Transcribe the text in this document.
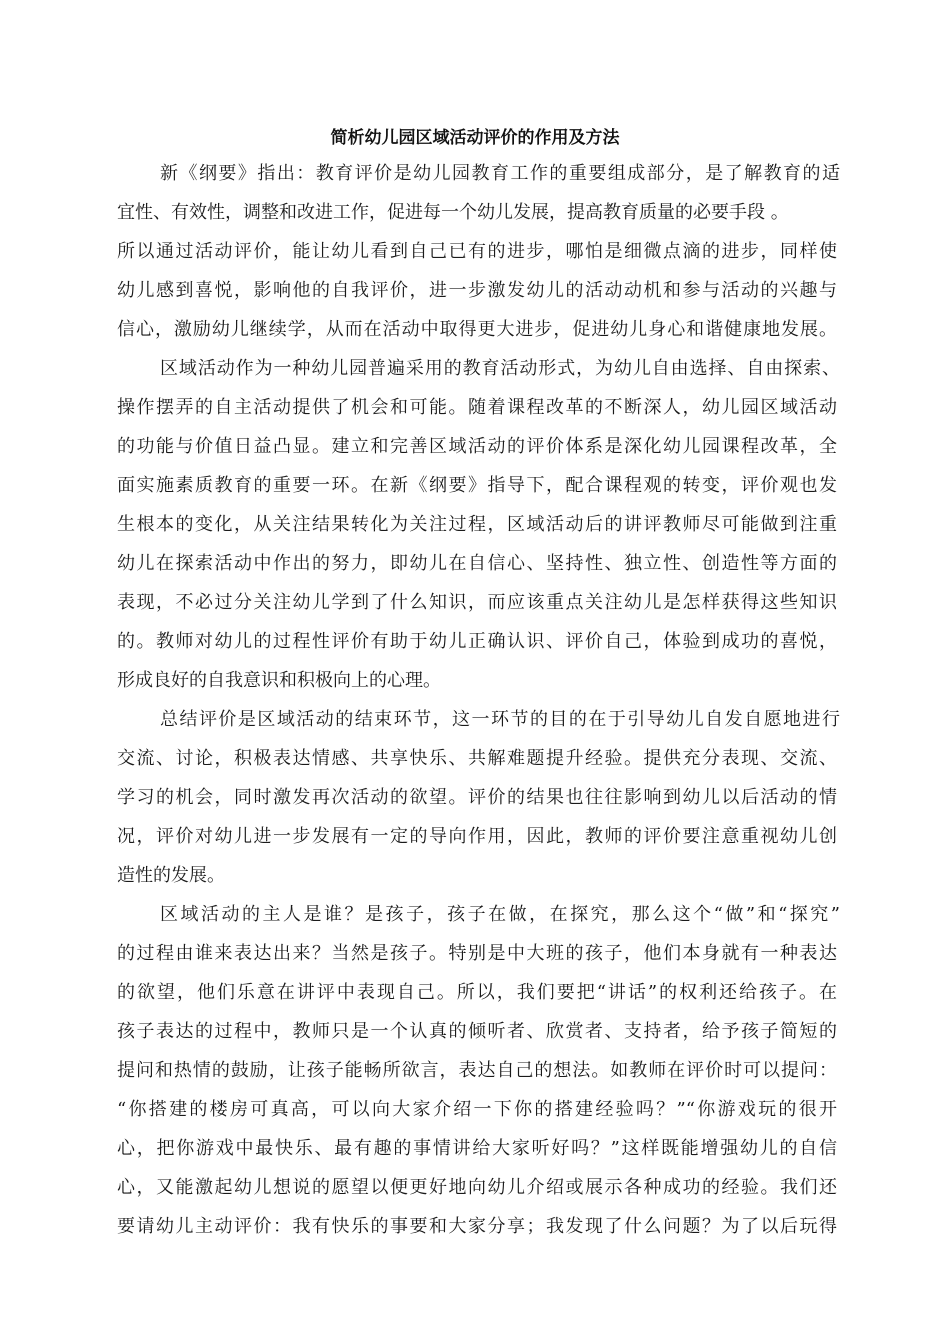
简析幼儿园区域活动评价的作用及方法

新《纲要》指出：教育评价是幼儿园教育工作的重要组成部分，是了解教育的适

宜性、有效性，调整和改进工作，促进每一个幼儿发展，提高教育质量的必要手段 。

所以通过活动评价，能让幼儿看到自己已有的进步，哪怕是细微点滴的进步，同样使

幼儿感到喜悦，影响他的自我评价，进一步激发幼儿的活动动机和参与活动的兴趣与

信心，激励幼儿继续学，从而在活动中取得更大进步，促进幼儿身心和谐健康地发展。

区域活动作为一种幼儿园普遍采用的教育活动形式，为幼儿自由选择、自由探索、

操作摆弄的自主活动提供了机会和可能。随着课程改革的不断深人，幼儿园区域活动

的功能与价值日益凸显。建立和完善区域活动的评价体系是深化幼儿园课程改革，全

面实施素质教育的重要一环。在新《纲要》指导下，配合课程观的转变，评价观也发

生根本的变化，从关注结果转化为关注过程，区域活动后的讲评教师尽可能做到注重

幼儿在探索活动中作出的努力，即幼儿在自信心、坚持性、独立性、创造性等方面的

表现，不必过分关注幼儿学到了什么知识，而应该重点关注幼儿是怎样获得这些知识

的。教师对幼儿的过程性评价有助于幼儿正确认识、评价自己，体验到成功的喜悦，

形成良好的自我意识和积极向上的心理。

总结评价是区域活动的结束环节，这一环节的目的在于引导幼儿自发自愿地进行

交流、讨论，积极表达情感、共享快乐、共解难题提升经验。提供充分表现、交流、

学习的机会，同时激发再次活动的欲望。评价的结果也往往影响到幼儿以后活动的情

况，评价对幼儿进一步发展有一定的导向作用，因此，教师的评价要注意重视幼儿创

造性的发展。

区域活动的主人是谁？是孩子，孩子在做，在探究，那么这个“做”和“探究”

的过程由谁来表达出来？当然是孩子。特别是中大班的孩子，他们本身就有一种表达

的欲望，他们乐意在讲评中表现自己。所以，我们要把“讲话”的权利还给孩子。在

孩子表达的过程中，教师只是一个认真的倾听者、欣赏者、支持者，给予孩子简短的

提问和热情的鼓励，让孩子能畅所欲言，表达自己的想法。如教师在评价时可以提问：

“你搭建的楼房可真高，可以向大家介绍一下你的搭建经验吗？”“你游戏玩的很开

心，把你游戏中最快乐、最有趣的事情讲给大家听好吗？”这样既能增强幼儿的自信

心，又能激起幼儿想说的愿望以便更好地向幼儿介绍或展示各种成功的经验。我们还

要请幼儿主动评价：我有快乐的事要和大家分享；我发现了什么问题？为了以后玩得
